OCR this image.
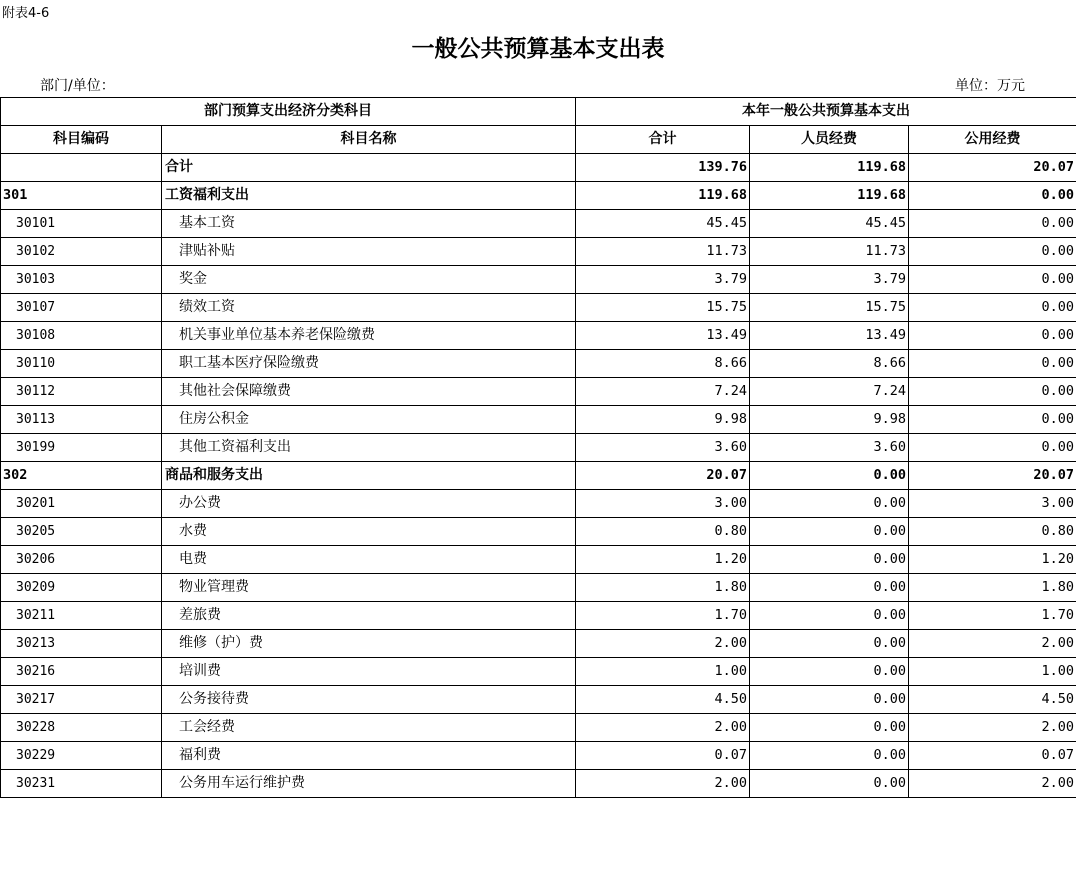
附表4-6
一般公共预算基本支出表
部门/单位：	单位：万元
部门预算支出经济分类科目		本年一般公共预算基本支出		
科目编码	科目名称	合计	人员经费	公用经费
	合计	139.76	119.68	20.07
301	工资福利支出	119.68	119.68	0.00
30101	基本工资	45.45	45.45	0.00
30102	津贴补贴	11.73	11.73	0.00
30103	奖金	3.79	3.79	0.00
30107	绩效工资	15.75	15.75	0.00
30108	机关事业单位基本养老保险缴费	13.49	13.49	0.00
30110	职工基本医疗保险缴费	8.66	8.66	0.00
30112	其他社会保障缴费	7.24	7.24	0.00
30113	住房公积金	9.98	9.98	0.00
30199	其他工资福利支出	3.60	3.60	0.00
302	商品和服务支出	20.07	0.00	20.07
30201	办公费	3.00	0.00	3.00
30205	水费	0.80	0.00	0.80
30206	电费	1.20	0.00	1.20
30209	物业管理费	1.80	0.00	1.80
30211	差旅费	1.70	0.00	1.70
30213	维修（护）费	2.00	0.00	2.00
30216	培训费	1.00	0.00	1.00
30217	公务接待费	4.50	0.00	4.50
30228	工会经费	2.00	0.00	2.00
30229	福利费	0.07	0.00	0.07
30231	公务用车运行维护费	2.00	0.00	2.00
